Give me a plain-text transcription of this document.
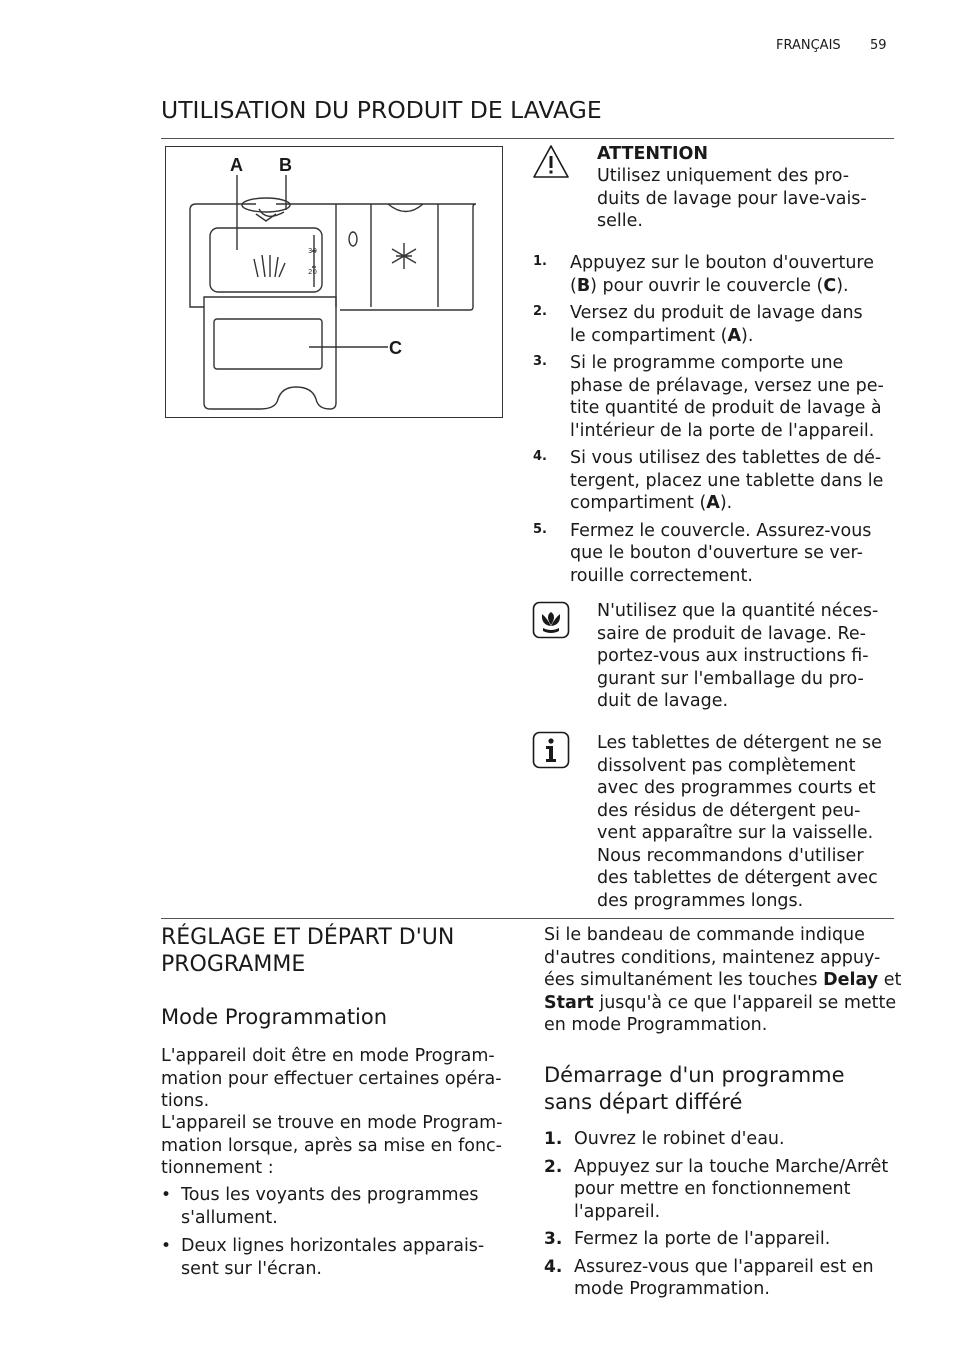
FRANÇAIS 59
UTILISATION DU PRODUIT DE LAVAGE
30
20
A B
C
ATTENTION
Utilisez uniquement des pro-
duits de lavage pour lave-vais-
selle.
1. Appuyez sur le bouton d'ouverture
(B) pour ouvrir le couvercle (C).
2. Versez du produit de lavage dans
le compartiment (A).
3. Si le programme comporte une
phase de prélavage, versez une pe-
tite quantité de produit de lavage à
l'intérieur de la porte de l'appareil.
4. Si vous utilisez des tablettes de dé-
tergent, placez une tablette dans le
compartiment (A).
5. Fermez le couvercle. Assurez-vous
que le bouton d'ouverture se ver-
rouille correctement.
N'utilisez que la quantité néces-
saire de produit de lavage. Re-
portez-vous aux instructions fi-
gurant sur l'emballage du pro-
duit de lavage.
Les tablettes de détergent ne se
dissolvent pas complètement
avec des programmes courts et
des résidus de détergent peu-
vent apparaître sur la vaisselle.
Nous recommandons d'utiliser
des tablettes de détergent avec
des programmes longs.
RÉGLAGE ET DÉPART D'UN
PROGRAMME
Mode Programmation
L'appareil doit être en mode Program-
mation pour effectuer certaines opéra-
tions.
L'appareil se trouve en mode Program-
mation lorsque, après sa mise en fonc-
tionnement :
• Tous les voyants des programmes
s'allument.
• Deux lignes horizontales apparais-
sent sur l'écran.
Si le bandeau de commande indique
d'autres conditions, maintenez appuy-
ées simultanément les touches Delay et
Start jusqu'à ce que l'appareil se mette
en mode Programmation.
Démarrage d'un programme
sans départ différé
1. Ouvrez le robinet d'eau.
2. Appuyez sur la touche Marche/Arrêt
pour mettre en fonctionnement
l'appareil.
3. Fermez la porte de l'appareil.
4. Assurez-vous que l'appareil est en
mode Programmation.
